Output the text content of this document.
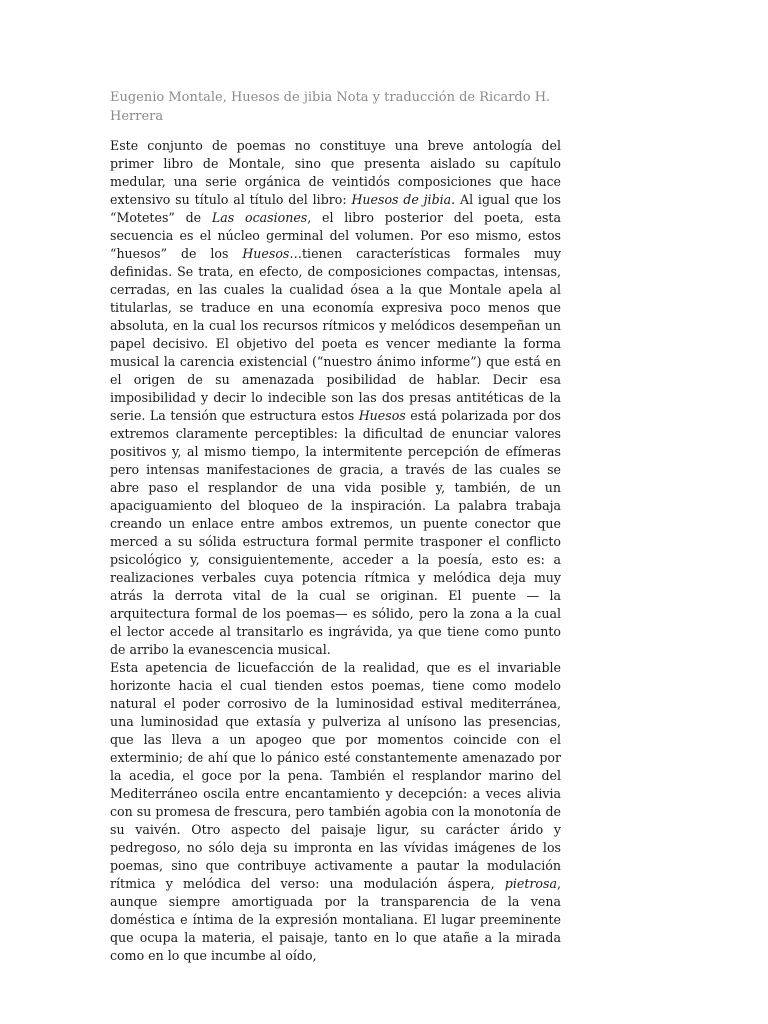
Eugenio Montale, Huesos de jibia Nota y traducción de Ricardo H. Herrera

Este conjunto de poemas no constituye una breve antología del primer libro de Montale, sino que presenta aislado su capítulo medular, una serie orgánica de veintidós composiciones que hace extensivo su título al título del libro: Huesos de jibia. Al igual que los “Motetes” de Las ocasiones, el libro posterior del poeta, esta secuencia es el núcleo germinal del volumen. Por eso mismo, estos “huesos” de los Huesos…tienen características formales muy definidas. Se trata, en efecto, de composiciones compactas, intensas, cerradas, en las cuales la cualidad ósea a la que Montale apela al titularlas, se traduce en una economía expresiva poco menos que absoluta, en la cual los recursos rítmicos y melódicos desempeñan un papel decisivo. El objetivo del poeta es vencer mediante la forma musical la carencia existencial (“nuestro ánimo informe”) que está en el origen de su amenazada posibilidad de hablar. Decir esa imposibilidad y decir lo indecible son las dos presas antitéticas de la serie. La tensión que estructura estos Huesos está polarizada por dos extremos claramente perceptibles: la dificultad de enunciar valores positivos y, al mismo tiempo, la intermitente percepción de efímeras pero intensas manifestaciones de gracia, a través de las cuales se abre paso el resplandor de una vida posible y, también, de un apaciguamiento del bloqueo de la inspiración. La palabra trabaja creando un enlace entre ambos extremos, un puente conector que merced a su sólida estructura formal permite trasponer el conflicto psicológico y, consiguientemente, acceder a la poesía, esto es: a realizaciones verbales cuya potencia rítmica y melódica deja muy atrás la derrota vital de la cual se originan. El puente — la arquitectura formal de los poemas— es sólido, pero la zona a la cual el lector accede al transitarlo es ingrávida, ya que tiene como punto de arribo la evanescencia musical.

Esta apetencia de licuefacción de la realidad, que es el invariable horizonte hacia el cual tienden estos poemas, tiene como modelo natural el poder corrosivo de la luminosidad estival mediterránea, una luminosidad que extasía y pulveriza al unísono las presencias, que las lleva a un apogeo que por momentos coincide con el exterminio; de ahí que lo pánico esté constantemente amenazado por la acedia, el goce por la pena. También el resplandor marino del Mediterráneo oscila entre encantamiento y decepción: a veces alivia con su promesa de frescura, pero también agobia con la monotonía de su vaivén. Otro aspecto del paisaje ligur, su carácter árido y pedregoso, no sólo deja su impronta en las vívidas imágenes de los poemas, sino que contribuye activamente a pautar la modulación rítmica y melódica del verso: una modulación áspera, pietrosa, aunque siempre amortiguada por la transparencia de la vena doméstica e íntima de la expresión montaliana. El lugar preeminente que ocupa la materia, el paisaje, tanto en lo que atañe a la mirada como en lo que incumbe al oído,
